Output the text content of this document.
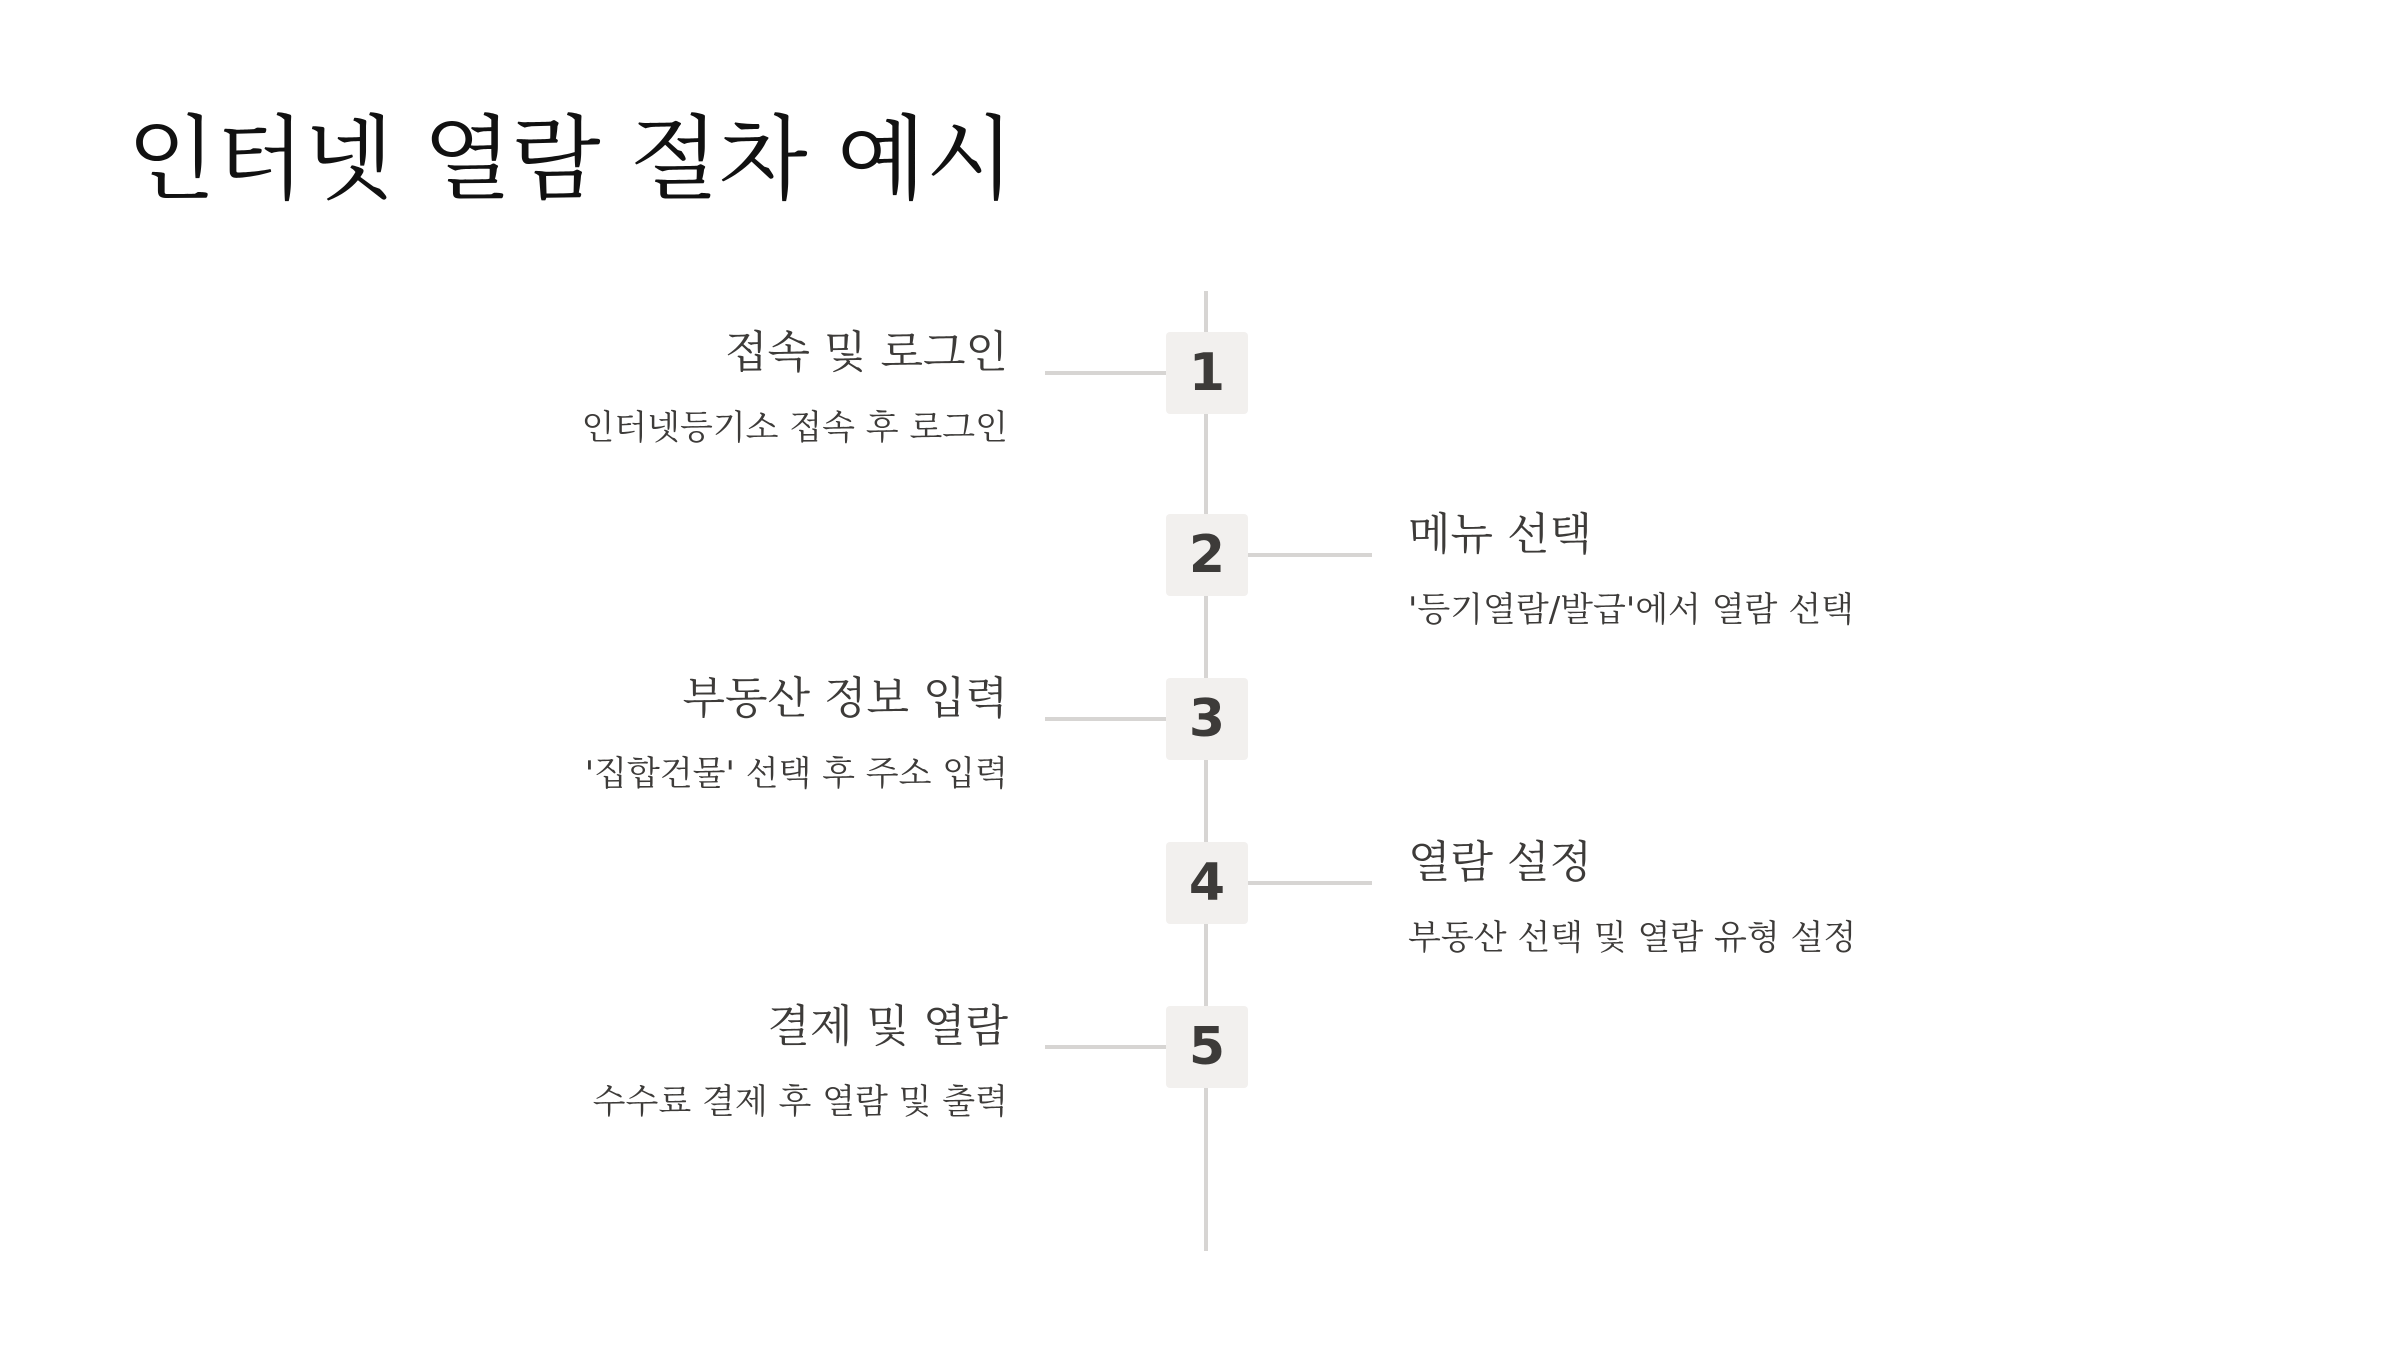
인터넷 열람 절차 예시
1
접속 및 로그인
인터넷등기소 접속 후 로그인
2	메뉴 선택
'등기열람/발급'에서 열람 선택
3
부동산 정보 입력
'집합건물' 선택 후 주소 입력
4	열람 설정
부동산 선택 및 열람 유형 설정
5
결제 및 열람
수수료 결제 후 열람 및 출력
